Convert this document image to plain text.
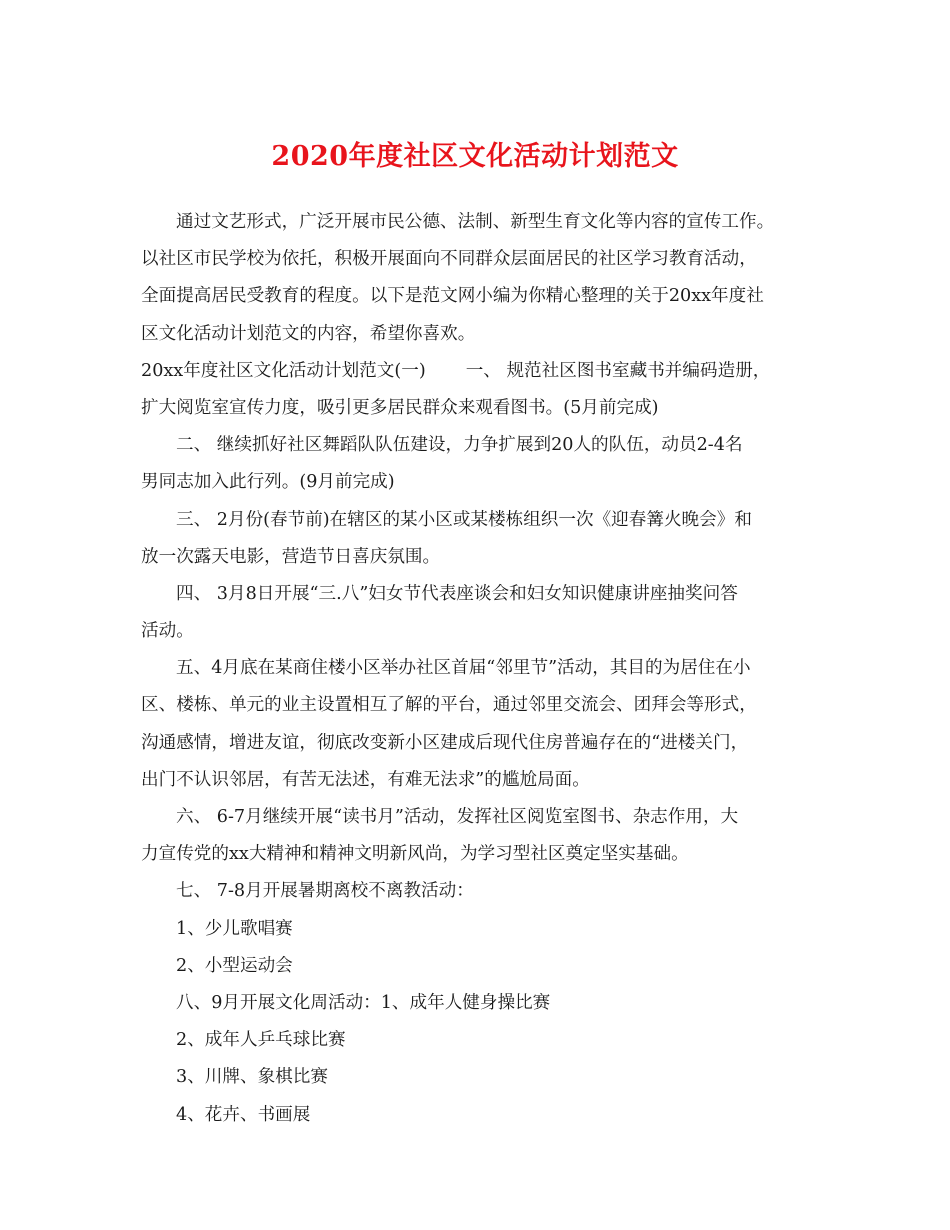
2020年度社区文化活动计划范文
通过文艺形式，广泛开展市民公德、法制、新型生育文化等内容的宣传工作。
以社区市民学校为依托，积极开展面向不同群众层面居民的社区学习教育活动，
全面提高居民受教育的程度。以下是范文网小编为你精心整理的关于20xx年度社
区文化活动计划范文的内容，希望你喜欢。
20xx年度社区文化活动计划范文(一) 一、 规范社区图书室藏书并编码造册，
扩大阅览室宣传力度，吸引更多居民群众来观看图书。(5月前完成)
二、 继续抓好社区舞蹈队队伍建设，力争扩展到20人的队伍，动员2-4名
男同志加入此行列。(9月前完成)
三、 2月份(春节前)在辖区的某小区或某楼栋组织一次《迎春篝火晚会》和
放一次露天电影，营造节日喜庆氛围。
四、 3月8日开展“三.八”妇女节代表座谈会和妇女知识健康讲座抽奖问答
活动。
五、4月底在某商住楼小区举办社区首届“邻里节”活动，其目的为居住在小
区、楼栋、单元的业主设置相互了解的平台，通过邻里交流会、团拜会等形式，
沟通感情，增进友谊，彻底改变新小区建成后现代住房普遍存在的“进楼关门，
出门不认识邻居，有苦无法述，有难无法求”的尴尬局面。
六、 6-7月继续开展“读书月”活动，发挥社区阅览室图书、杂志作用，大
力宣传党的xx大精神和精神文明新风尚，为学习型社区奠定坚实基础。
七、 7-8月开展暑期离校不离教活动：
1、少儿歌唱赛
2、小型运动会
八、9月开展文化周活动：1、成年人健身操比赛
2、成年人乒乓球比赛
3、川牌、象棋比赛
4、花卉、书画展
